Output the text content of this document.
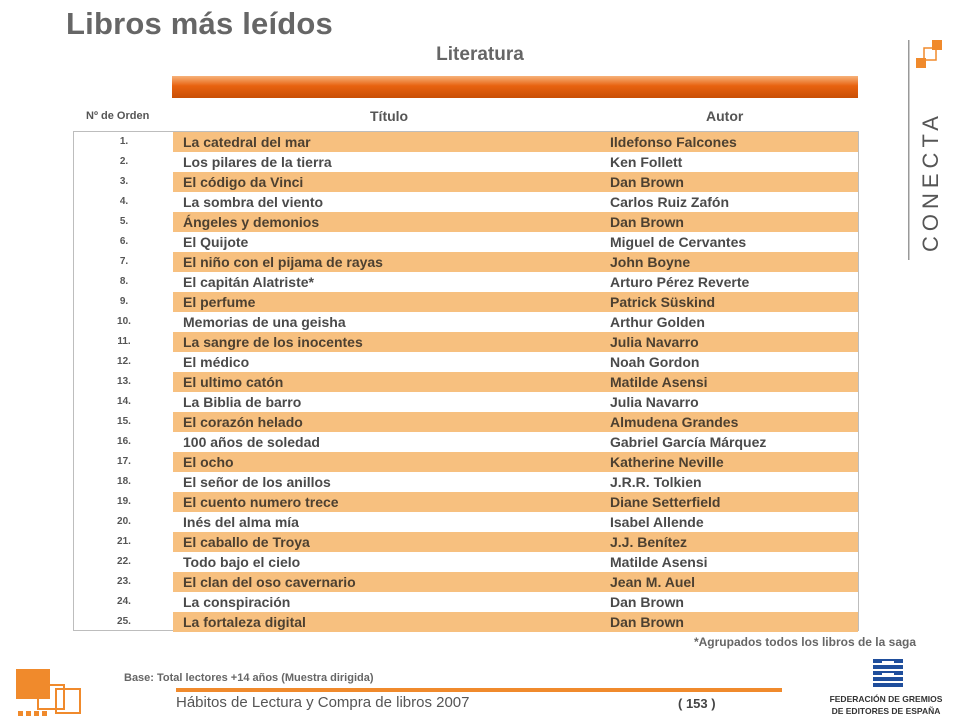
Libros más leídos
Literatura
Nº de Orden	Título	Autor
1.	La catedral del mar	Ildefonso Falcones
2.	Los pilares de la tierra	Ken Follett
3.	El código da Vinci	Dan Brown
4.	La sombra del viento	Carlos Ruiz Zafón
5.	Ángeles y demonios	Dan Brown
6.	El Quijote	Miguel de Cervantes
7.	El niño con el pijama de rayas	John Boyne
8.	El capitán Alatriste*	Arturo Pérez Reverte
9.	El perfume	Patrick Süskind
10.	Memorias de una geisha	Arthur Golden
11.	La sangre de los inocentes	Julia Navarro
12.	El médico	Noah Gordon
13.	El ultimo catón	Matilde Asensi
14.	La Biblia de barro	Julia Navarro
15.	El corazón helado	Almudena Grandes
16.	100 años de soledad	Gabriel García Márquez
17.	El ocho	Katherine Neville
18.	El señor de los anillos	J.R.R. Tolkien
19.	El cuento numero trece	Diane Setterfield
20.	Inés del alma mía	Isabel Allende
21.	El caballo de Troya	J.J. Benítez
22.	Todo bajo el cielo	Matilde Asensi
23.	El clan del oso cavernario	Jean M. Auel
24.	La conspiración	Dan Brown
25.	La fortaleza digital	Dan Brown
*Agrupados todos los libros de la saga
CONECTA
Base: Total lectores +14 años (Muestra dirigida)
Hábitos de Lectura y Compra de libros 2007	( 153 )	FEDERACIÓN DE GREMIOS
DE EDITORES DE ESPAÑA
